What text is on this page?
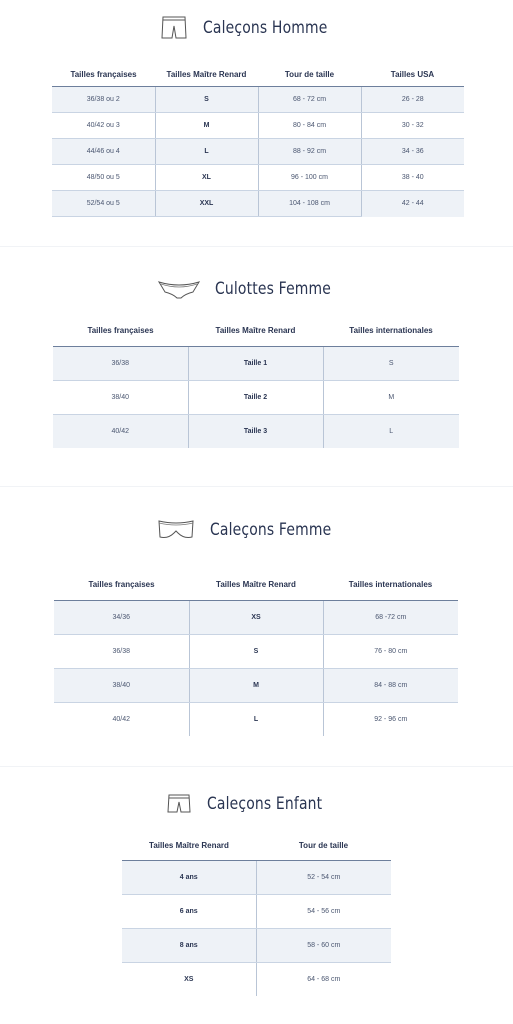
Caleçons Homme
Tailles françaises	Tailles Maître Renard	Tour de taille	Tailles USA
36/38 ou 2	S	68 - 72 cm	26 - 28
40/42 ou 3	M	80 - 84 cm	30 - 32
44/46 ou 4	L	88 - 92 cm	34 - 36
48/50 ou 5	XL	96 - 100 cm	38 - 40
52/54 ou 5	XXL	104 - 108 cm	42 - 44
Culottes Femme
Tailles françaises	Tailles Maître Renard	Tailles internationales
36/38	Taille 1	S
38/40	Taille 2	M
40/42	Taille 3	L
Caleçons Femme
Tailles françaises	Tailles Maître Renard	Tailles internationales
34/36	XS	68 -72 cm
36/38	S	76 - 80 cm
38/40	M	84 - 88 cm
40/42	L	92 - 96 cm
Caleçons Enfant
Tailles Maître Renard	Tour de taille
4 ans	52 - 54 cm
6 ans	54 - 56 cm
8 ans	58 - 60 cm
XS	64 - 68 cm
